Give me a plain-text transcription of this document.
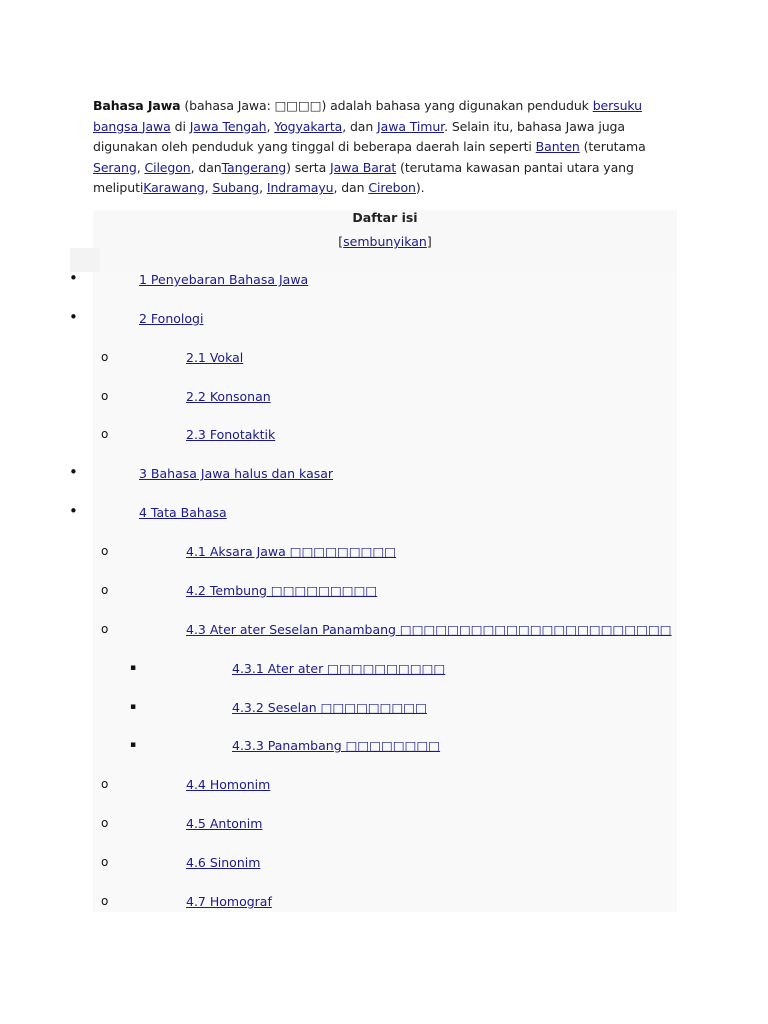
Bahasa Jawa (bahasa Jawa: □□□□) adalah bahasa yang digunakan penduduk bersuku bangsa Jawa di Jawa Tengah, Yogyakarta, dan Jawa Timur. Selain itu, bahasa Jawa juga digunakan oleh penduduk yang tinggal di beberapa daerah lain seperti Banten (terutama Serang, Cilegon, danTangerang) serta Jawa Barat (terutama kawasan pantai utara yang meliputiKarawang, Subang, Indramayu, dan Cirebon).

Daftar isi
[sembunyikan]
•	1 Penyebaran Bahasa Jawa
•	2 Fonologi
o	2.1 Vokal
o	2.2 Konsonan
o	2.3 Fonotaktik
•	3 Bahasa Jawa halus dan kasar
•	4 Tata Bahasa
o	4.1 Aksara Jawa □□□□□□□□□
o	4.2 Tembung □□□□□□□□□
o	4.3 Ater ater Seselan Panambang □□□□□□□□□□□□□□□□□□□□□□□
▪	4.3.1 Ater ater □□□□□□□□□□
▪	4.3.2 Seselan □□□□□□□□□
▪	4.3.3 Panambang □□□□□□□□
o	4.4 Homonim
o	4.5 Antonim
o	4.6 Sinonim
o	4.7 Homograf
